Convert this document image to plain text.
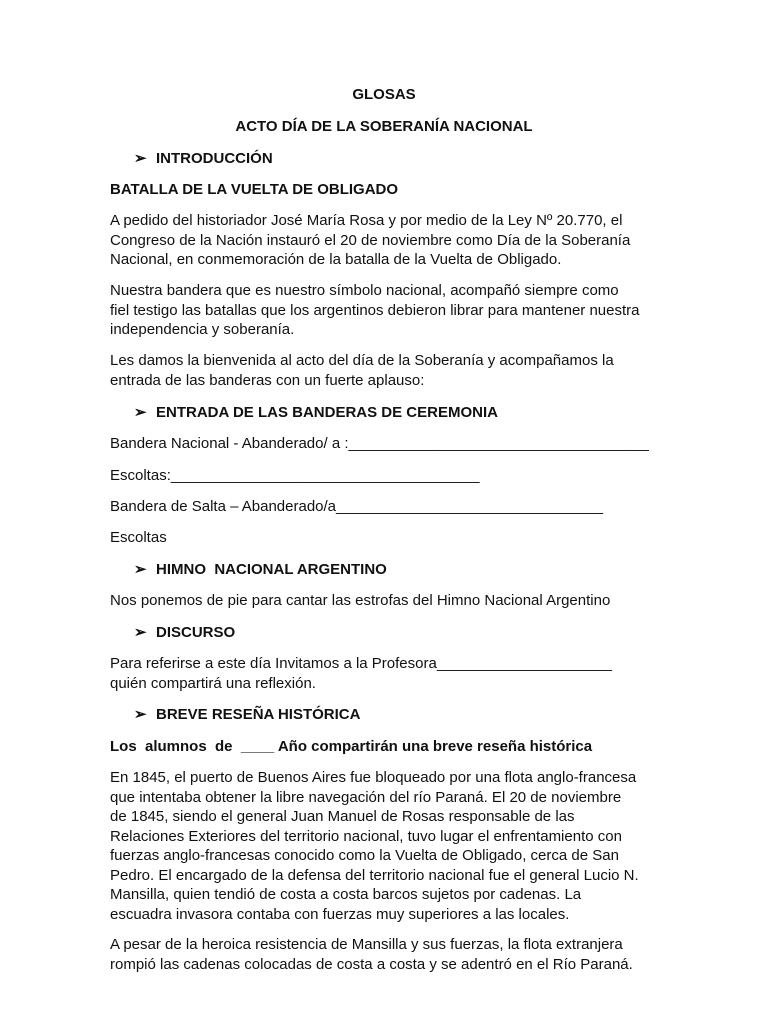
GLOSAS

ACTO DÍA DE LA SOBERANÍA NACIONAL

➢ INTRODUCCIÓN

BATALLA DE LA VUELTA DE OBLIGADO

A pedido del historiador José María Rosa y por medio de la Ley Nº 20.770, el
Congreso de la Nación instauró el 20 de noviembre como Día de la Soberanía
Nacional, en conmemoración de la batalla de la Vuelta de Obligado.
Nuestra bandera que es nuestro símbolo nacional, acompañó siempre como
fiel testigo las batallas que los argentinos debieron librar para mantener nuestra
independencia y soberanía.
Les damos la bienvenida al acto del día de la Soberanía y acompañamos la
entrada de las banderas con un fuerte aplauso:

➢ ENTRADA DE LAS BANDERAS DE CEREMONIA

Bandera Nacional - Abanderado/ a :____________________________________

Escoltas:_____________________________________

Bandera de Salta – Abanderado/a________________________________

Escoltas

➢ HIMNO  NACIONAL ARGENTINO

Nos ponemos de pie para cantar las estrofas del Himno Nacional Argentino

➢ DISCURSO

Para referirse a este día Invitamos a la Profesora_____________________
quién compartirá una reflexión.

➢ BREVE RESEÑA HISTÓRICA

Los  alumnos  de  ____ Año compartirán una breve reseña histórica

En 1845, el puerto de Buenos Aires fue bloqueado por una flota anglo-francesa
que intentaba obtener la libre navegación del río Paraná. El 20 de noviembre
de 1845, siendo el general Juan Manuel de Rosas responsable de las
Relaciones Exteriores del territorio nacional, tuvo lugar el enfrentamiento con
fuerzas anglo-francesas conocido como la Vuelta de Obligado, cerca de San
Pedro. El encargado de la defensa del territorio nacional fue el general Lucio N.
Mansilla, quien tendió de costa a costa barcos sujetos por cadenas. La
escuadra invasora contaba con fuerzas muy superiores a las locales.
A pesar de la heroica resistencia de Mansilla y sus fuerzas, la flota extranjera
rompió las cadenas colocadas de costa a costa y se adentró en el Río Paraná.
